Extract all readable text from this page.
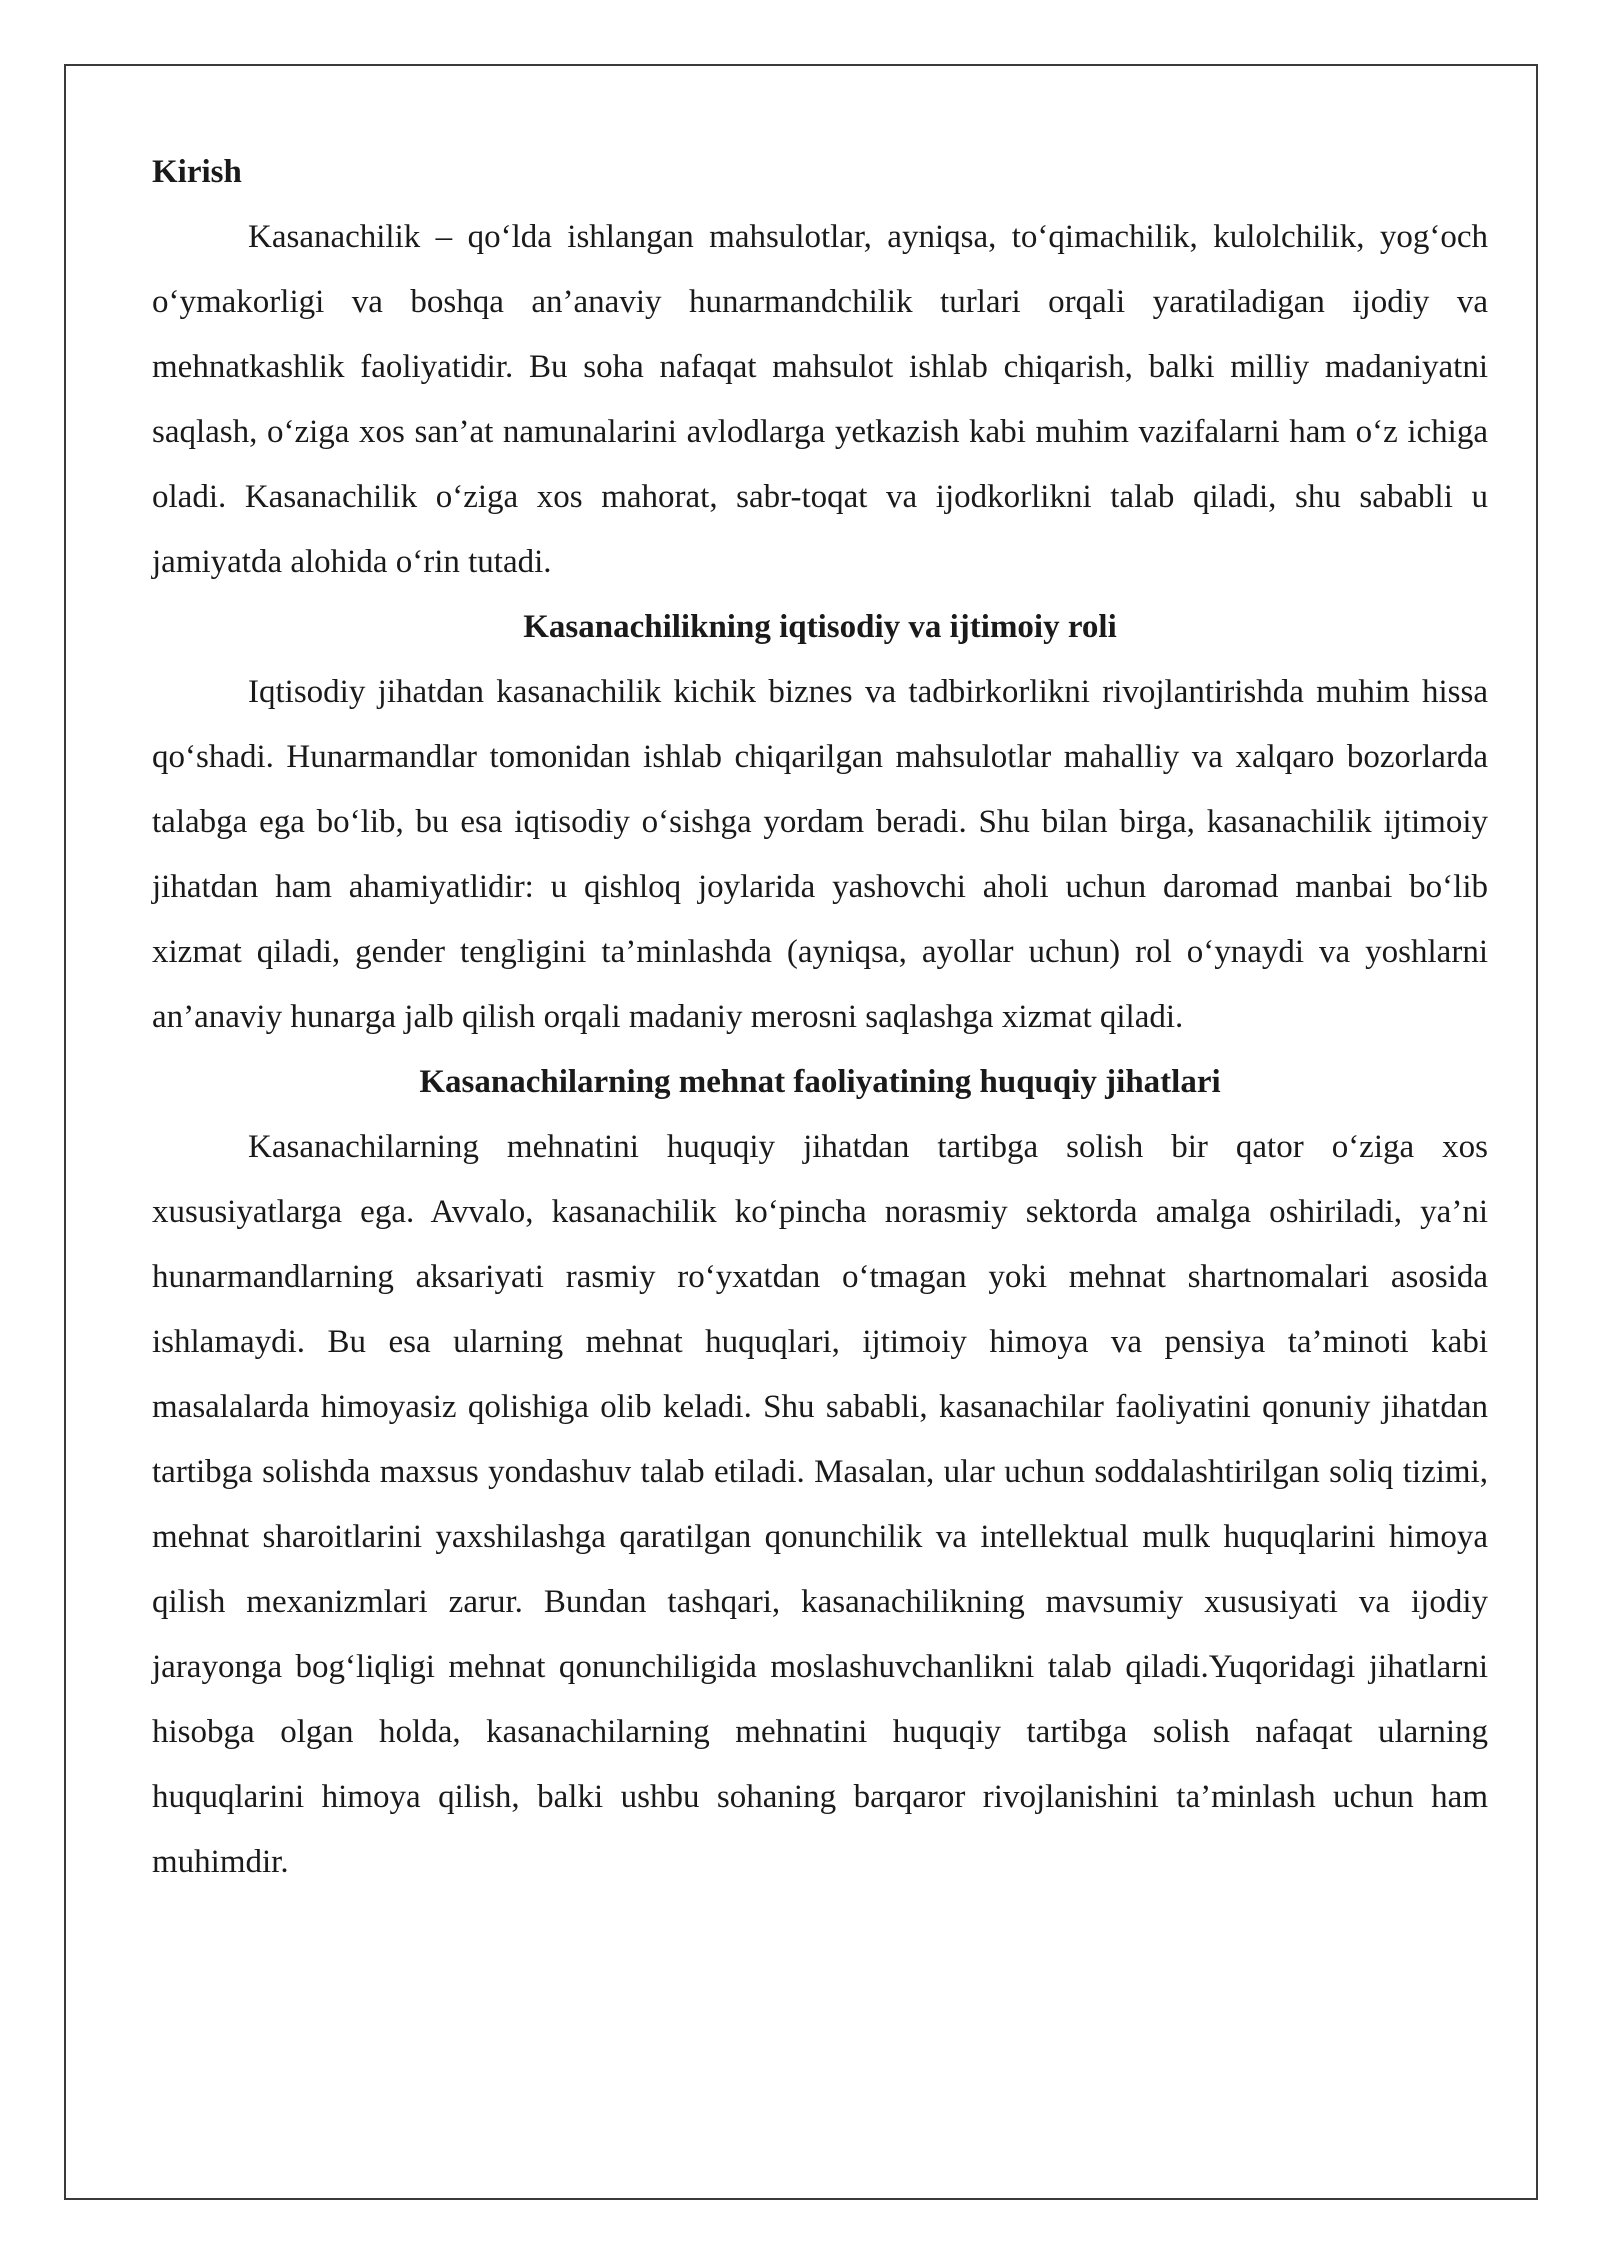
Kirish

Kasanachilik – qo‘lda ishlangan mahsulotlar, ayniqsa, to‘qimachilik, kulolchilik, yog‘och o‘ymakorligi va boshqa an’anaviy hunarmandchilik turlari orqali yaratiladigan ijodiy va mehnatkashlik faoliyatidir. Bu soha nafaqat mahsulot ishlab chiqarish, balki milliy madaniyatni saqlash, o‘ziga xos san’at namunalarini avlodlarga yetkazish kabi muhim vazifalarni ham o‘z ichiga oladi. Kasanachilik o‘ziga xos mahorat, sabr-toqat va ijodkorlikni talab qiladi, shu sababli u jamiyatda alohida o‘rin tutadi.

Kasanachilikning iqtisodiy va ijtimoiy roli

Iqtisodiy jihatdan kasanachilik kichik biznes va tadbirkorlikni rivojlantirishda muhim hissa qo‘shadi. Hunarmandlar tomonidan ishlab chiqarilgan mahsulotlar mahalliy va xalqaro bozorlarda talabga ega bo‘lib, bu esa iqtisodiy o‘sishga yordam beradi. Shu bilan birga, kasanachilik ijtimoiy jihatdan ham ahamiyatlidir: u qishloq joylarida yashovchi aholi uchun daromad manbai bo‘lib xizmat qiladi, gender tengligini ta’minlashda (ayniqsa, ayollar uchun) rol o‘ynaydi va yoshlarni an’anaviy hunarga jalb qilish orqali madaniy merosni saqlashga xizmat qiladi.

Kasanachilarning mehnat faoliyatining huquqiy jihatlari

Kasanachilarning mehnatini huquqiy jihatdan tartibga solish bir qator o‘ziga xos xususiyatlarga ega. Avvalo, kasanachilik ko‘pincha norasmiy sektorda amalga oshiriladi, ya’ni hunarmandlarning aksariyati rasmiy ro‘yxatdan o‘tmagan yoki mehnat shartnomalari asosida ishlamaydi. Bu esa ularning mehnat huquqlari, ijtimoiy himoya va pensiya ta’minoti kabi masalalarda himoyasiz qolishiga olib keladi. Shu sababli, kasanachilar faoliyatini qonuniy jihatdan tartibga solishda maxsus yondashuv talab etiladi. Masalan, ular uchun soddalashtirilgan soliq tizimi, mehnat sharoitlarini yaxshilashga qaratilgan qonunchilik va intellektual mulk huquqlarini himoya qilish mexanizmlari zarur. Bundan tashqari, kasanachilikning mavsumiy xususiyati va ijodiy jarayonga bog‘liqligi mehnat qonunchiligida moslashuvchanlikni talab qiladi.Yuqoridagi jihatlarni hisobga olgan holda, kasanachilarning mehnatini huquqiy tartibga solish nafaqat ularning huquqlarini himoya qilish, balki ushbu sohaning barqaror rivojlanishini ta’minlash uchun ham muhimdir.
